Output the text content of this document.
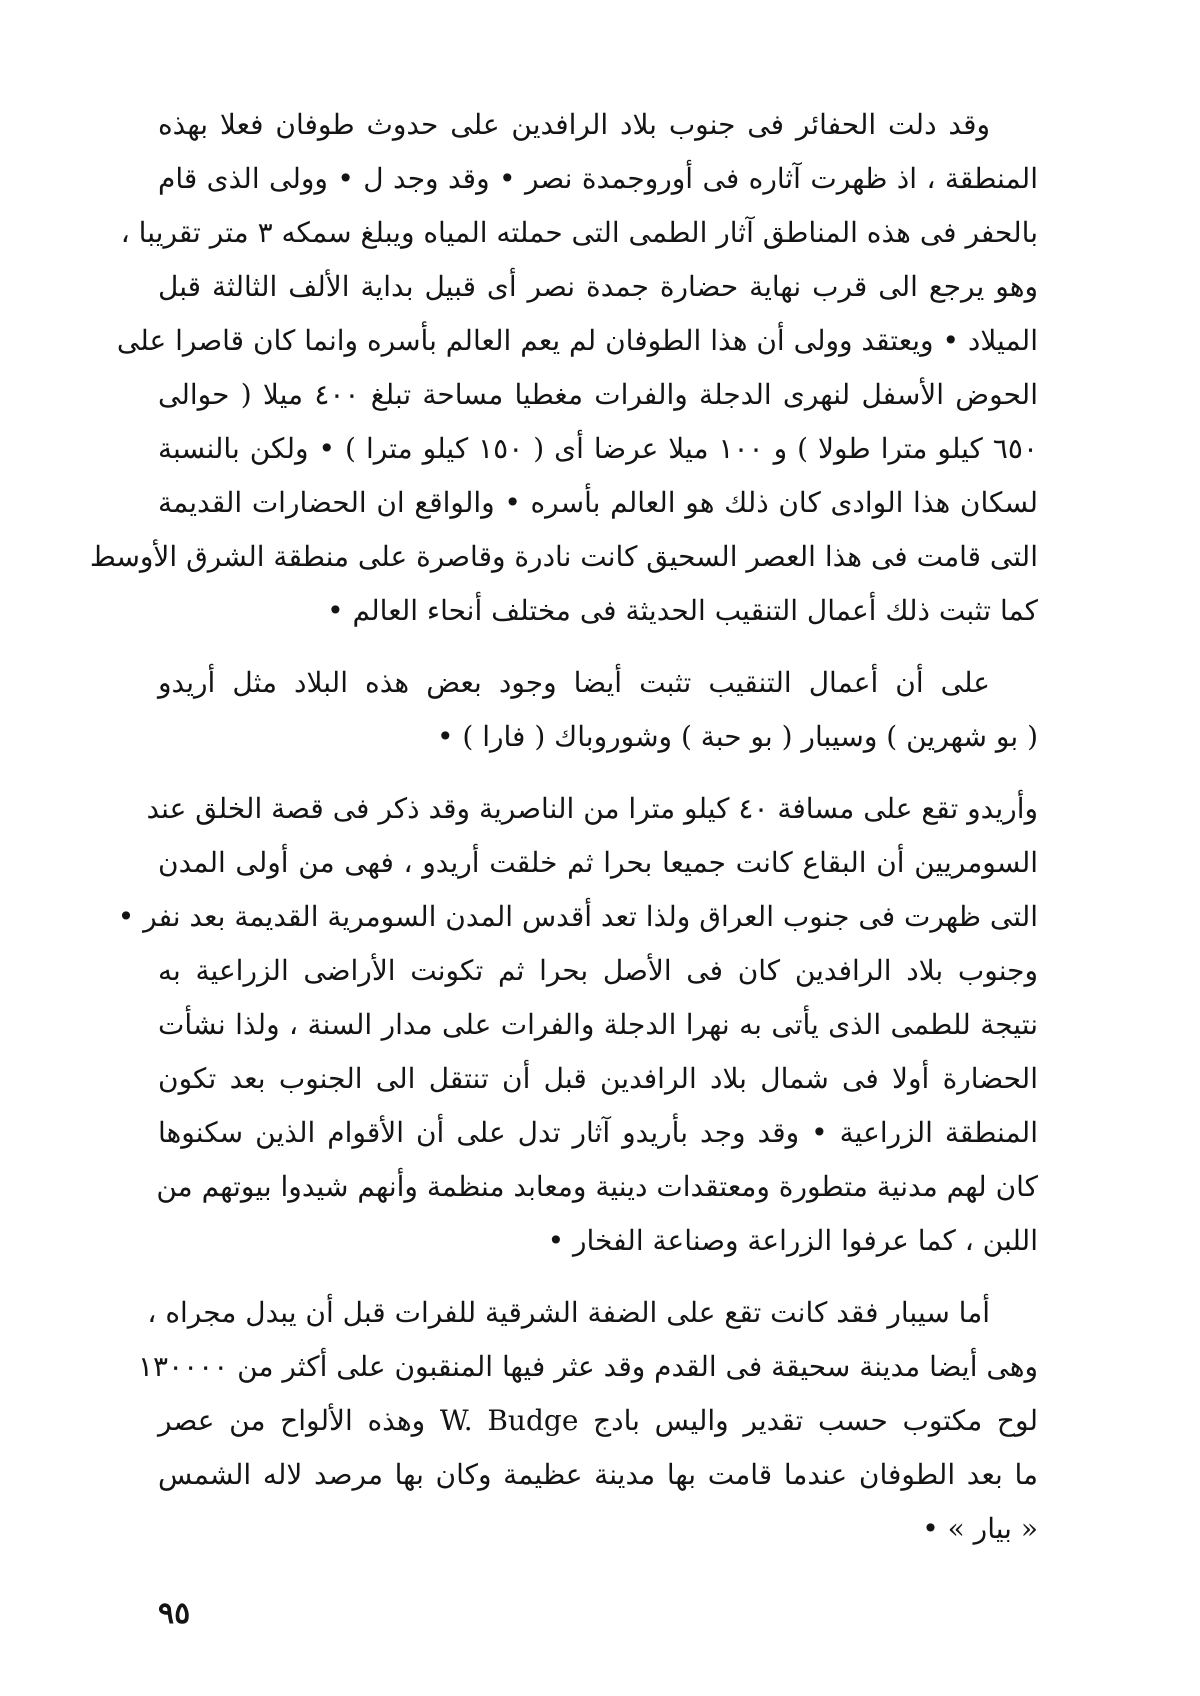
وقد دلت الحفائر فى جنوب بلاد الرافدين على حدوث طوفان فعلا بهذه
المنطقة ، اذ ظهرت آثاره فى أوروجمدة نصر • وقد وجد ل • وولى الذى قام
بالحفر فى هذه المناطق آثار الطمى التى حملته المياه ويبلغ سمكه ٣ متر تقريبا ،
وهو يرجع الى قرب نهاية حضارة جمدة نصر أى قبيل بداية الألف الثالثة قبل
الميلاد • ويعتقد وولى أن هذا الطوفان لم يعم العالم بأسره وانما كان قاصرا على
الحوض الأسفل لنهرى الدجلة والفرات مغطيا مساحة تبلغ ٤٠٠ ميلا ( حوالى
٦٥٠ كيلو مترا طولا ) و ١٠٠ ميلا عرضا أى ( ١٥٠ كيلو مترا ) • ولكن بالنسبة
لسكان هذا الوادى كان ذلك هو العالم بأسره • والواقع ان الحضارات القديمة
التى قامت فى هذا العصر السحيق كانت نادرة وقاصرة على منطقة الشرق الأوسط
كما تثبت ذلك أعمال التنقيب الحديثة فى مختلف أنحاء العالم •
على أن أعمال التنقيب تثبت أيضا وجود بعض هذه البلاد مثل أريدو
( بو شهرين ) وسيبار ( بو حبة ) وشوروباك ( فارا ) •
وأريدو تقع على مسافة ٤٠ كيلو مترا من الناصرية وقد ذكر فى قصة الخلق عند
السومريين أن البقاع كانت جميعا بحرا ثم خلقت أريدو ، فهى من أولى المدن
التى ظهرت فى جنوب العراق ولذا تعد أقدس المدن السومرية القديمة بعد نفر •
وجنوب بلاد الرافدين كان فى الأصل بحرا ثم تكونت الأراضى الزراعية به
نتيجة للطمى الذى يأتى به نهرا الدجلة والفرات على مدار السنة ، ولذا نشأت
الحضارة أولا فى شمال بلاد الرافدين قبل أن تنتقل الى الجنوب بعد تكون
المنطقة الزراعية • وقد وجد بأريدو آثار تدل على أن الأقوام الذين سكنوها
كان لهم مدنية متطورة ومعتقدات دينية ومعابد منظمة وأنهم شيدوا بيوتهم من
اللبن ، كما عرفوا الزراعة وصناعة الفخار •
أما سيبار فقد كانت تقع على الضفة الشرقية للفرات قبل أن يبدل مجراه ،
وهى أيضا مدينة سحيقة فى القدم وقد عثر فيها المنقبون على أكثر من ١٣٠٠٠٠
لوح مكتوب حسب تقدير واليس بادج W. Budge وهذه الألواح من عصر
ما بعد الطوفان عندما قامت بها مدينة عظيمة وكان بها مرصد لاله الشمس
« بيار » •
٩٥
